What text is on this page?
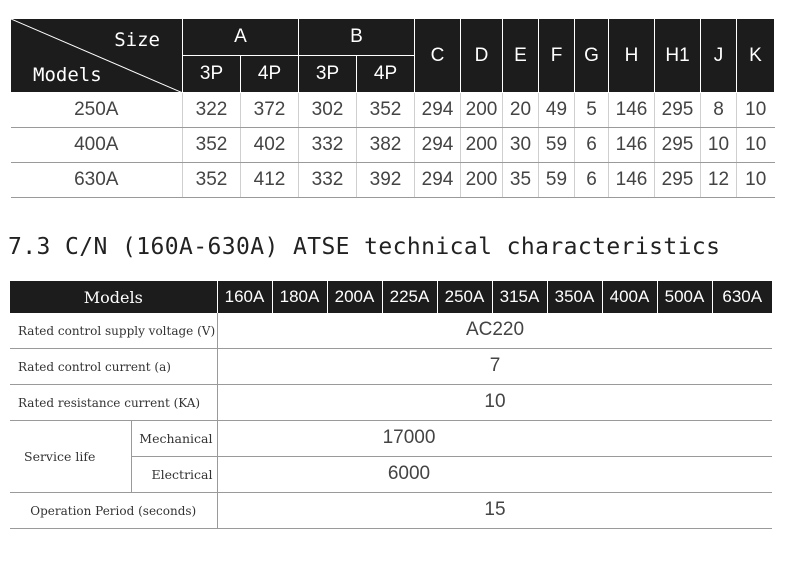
Size
Models	A		B		C	D	E	F	G	H	H1	J	K
	3P	4P	3P	4P									
250A	322	372	302	352	294	200	20	49	5	146	295	8	10
400A	352	402	332	382	294	200	30	59	6	146	295	10	10
630A	352	412	332	392	294	200	35	59	6	146	295	12	10
7.3 C/N (160A-630A) ATSE technical characteristics
Models		160A	180A	200A	225A	250A	315A	350A	400A	500A	630A
Rated control supply voltage (V)		AC220									

Rated control current (a)		7									

Rated resistance current (KA)		10									

Service life	Mechanical	17000									

	Electrical	6000									

Operation Period (seconds)		15									
